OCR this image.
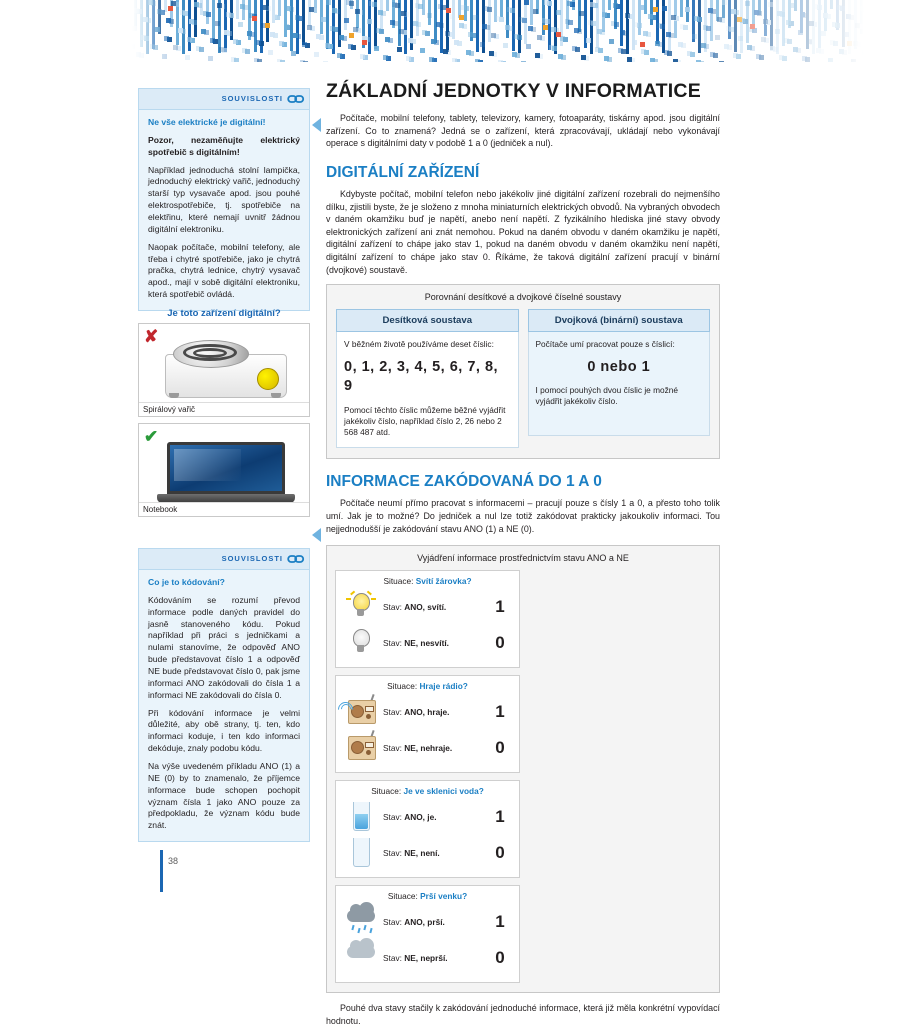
38
SOUVISLOSTI

Ne vše elektrické je digitální!

Pozor, nezaměňujte elektrický spotřebič s digitálním!

Například jednoduchá stolní lampička, jednoduchý elektrický vařič, jednoduchý starší typ vysavače apod. jsou pouhé elektrospotřebiče, tj. spotřebiče na elektřinu, které nemají uvnitř žádnou digitální elektroniku.

Naopak počítače, mobilní telefony, ale třeba i chytré spotřebiče, jako je chytrá pračka, chytrá lednice, chytrý vysavač apod., mají v sobě digitální elektroniku, která spotřebič ovládá.

Je toto zařízení digitální?
✘
Spirálový vařič
✔
Notebook
SOUVISLOSTI

Co je to kódování?

Kódováním se rozumí převod informace podle daných pravidel do jasně stanoveného kódu. Pokud například při práci s jedničkami a nulami stanovíme, že odpověď ANO bude představovat číslo 1 a odpověď NE bude představovat číslo 0, pak jsme informaci ANO zakódovali do čísla 1 a informaci NE zakódovali do čísla 0.

Při kódování informace je velmi důležité, aby obě strany, tj. ten, kdo informaci koduje, i ten kdo informaci dekóduje, znaly podobu kódu.

Na výše uvedeném příkladu ANO (1) a NE (0) by to znamenalo, že příjemce informace bude schopen pochopit význam čísla 1 jako ANO pouze za předpokladu, že význam kódu bude znát.

ZÁKLADNÍ JEDNOTKY V INFORMATICE

Počítače, mobilní telefony, tablety, televizory, kamery, fotoaparáty, tiskárny apod. jsou digitální zařízení. Co to znamená? Jedná se o zařízení, která zpracovávají, ukládají nebo vykonávají operace s digitálními daty v podobě 1 a 0 (jedniček a nul).

DIGITÁLNÍ ZAŘÍZENÍ

Kdybyste počítač, mobilní telefon nebo jakékoliv jiné digitální zařízení rozebrali do nejmenšího dílku, zjistili byste, že je složeno z mnoha miniaturních elektrických obvodů. Na vybraných obvodech v daném okamžiku buď je napětí, anebo není napětí. Z fyzikálního hlediska jiné stavy obvody elektronických zařízení ani znát nemohou. Pokud na daném obvodu v daném okamžiku je napětí, digitální zařízení to chápe jako stav 1, pokud na daném obvodu v daném okamžiku není napětí, digitální zařízení to chápe jako stav 0. Říkáme, že taková digitální zařízení pracují v binární (dvojkové) soustavě.

Porovnání desítkové a dvojkové číselné soustavy
Desítková soustava

V běžném životě používáme deset číslic:

0, 1, 2, 3, 4, 5, 6, 7, 8, 9

Pomocí těchto číslic můžeme běžné vyjádřit jakékoliv číslo, například číslo 2, 26 nebo 2 568 487 atd.

Dvojková (binární) soustava

Počítače umí pracovat pouze s číslicí:

0 nebo 1

I pomocí pouhých dvou číslic je možné vyjádřit jakékoliv číslo.

INFORMACE ZAKÓDOVANÁ DO 1 A 0

Počítače neumí přímo pracovat s informacemi – pracují pouze s čísly 1 a 0, a přesto toho tolik umí. Jak je to možné? Do jedniček a nul lze totiž zakódovat prakticky jakoukoliv informaci. Tou nejjednodušší je zakódování stavu ANO (1) a NE (0).

Vyjádření informace prostřednictvím stavu ANO a NE
Situace: Svítí žárovka?
Stav: ANO, svítí.	1
Stav: NE, nesvítí.	0
Situace: Hraje rádio?
Stav: ANO, hraje.	1
Stav: NE, nehraje.	0
Situace: Je ve sklenici voda?
Stav: ANO, je.	1
Stav: NE, není.	0
Situace: Prší venku?
Stav: ANO, prší.	1
Stav: NE, neprší.	0
Pouhé dva stavy stačily k zakódování jednoduché informace, která již měla konkrétní vypovídací hodnotu.
